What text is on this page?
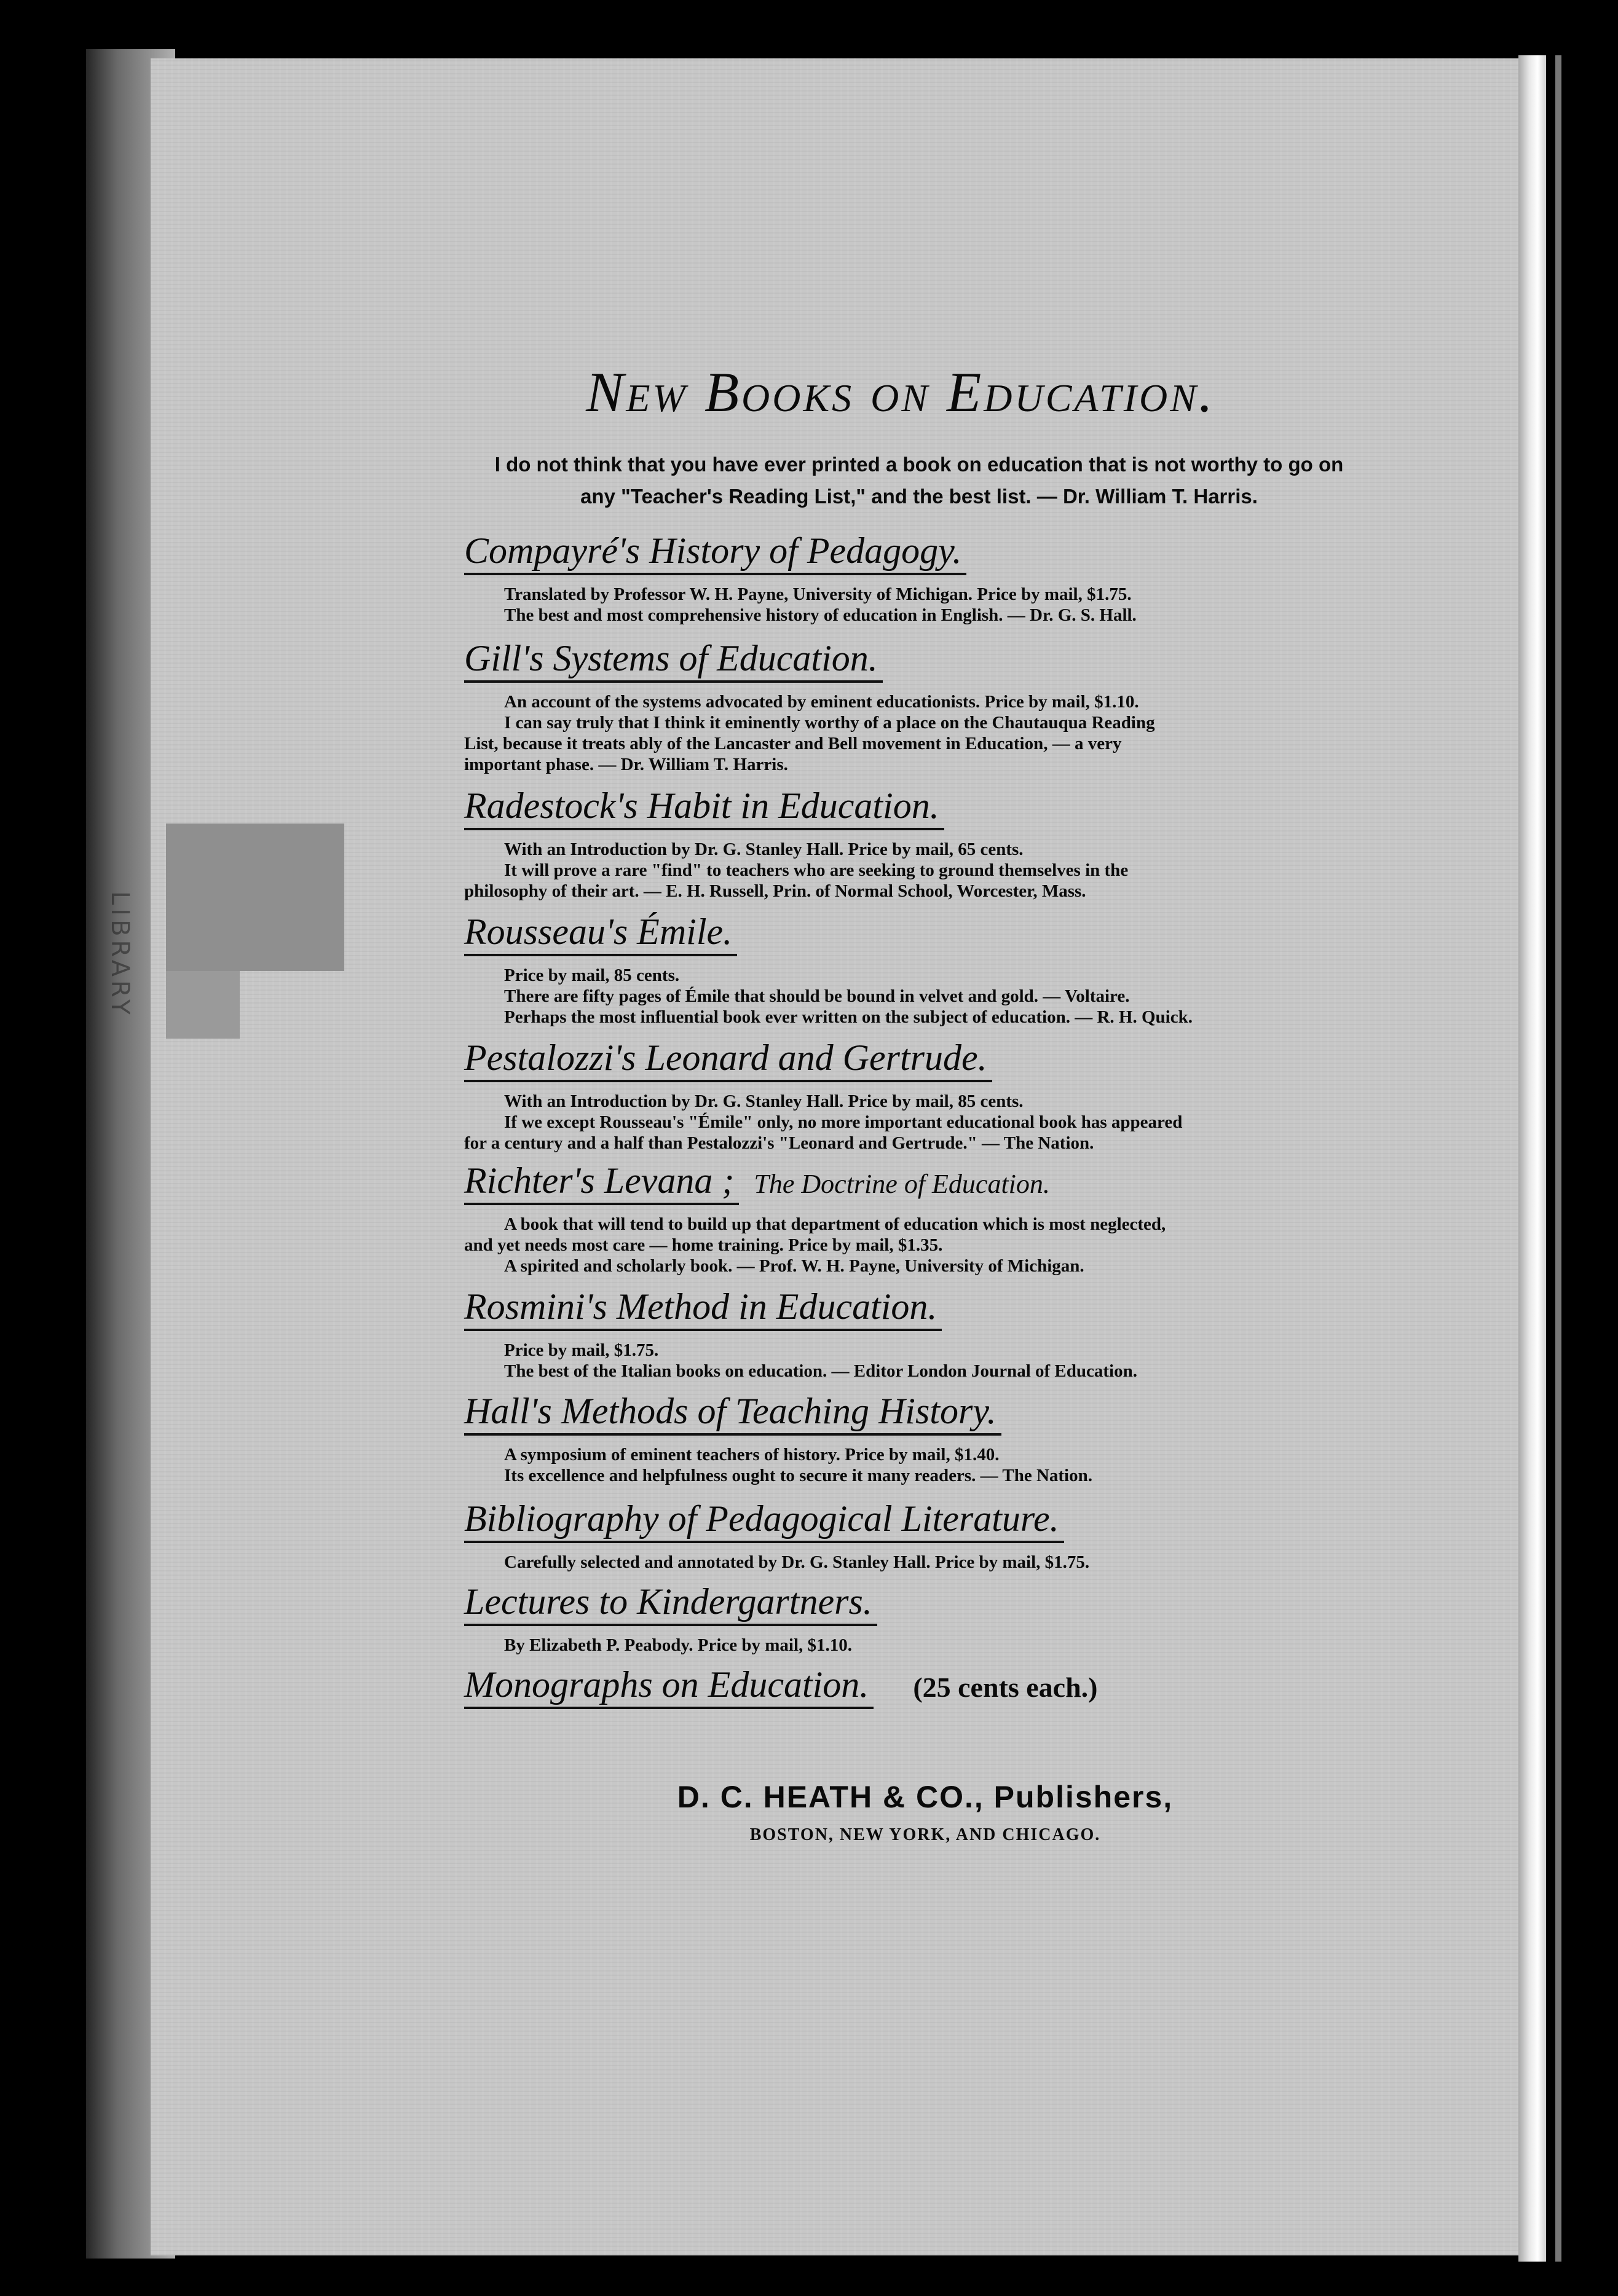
LIBRARY
New Books on Education.
I do not think that you have ever printed a book on education that is not worthy to go on
any "Teacher's Reading List," and the best list. — Dr. William T. Harris.
Compayré's History of Pedagogy.
Translated by Professor W. H. Payne, University of Michigan. Price by mail, $1.75.
The best and most comprehensive history of education in English. — Dr. G. S. Hall.
Gill's Systems of Education.
An account of the systems advocated by eminent educationists. Price by mail, $1.10.
I can say truly that I think it eminently worthy of a place on the Chautauqua Reading
List, because it treats ably of the Lancaster and Bell movement in Education, — a very
important phase. — Dr. William T. Harris.
Radestock's Habit in Education.
With an Introduction by Dr. G. Stanley Hall. Price by mail, 65 cents.
It will prove a rare "find" to teachers who are seeking to ground themselves in the
philosophy of their art. — E. H. Russell, Prin. of Normal School, Worcester, Mass.
Rousseau's Émile.
Price by mail, 85 cents.
There are fifty pages of Émile that should be bound in velvet and gold. — Voltaire.
Perhaps the most influential book ever written on the subject of education. — R. H. Quick.
Pestalozzi's Leonard and Gertrude.
With an Introduction by Dr. G. Stanley Hall. Price by mail, 85 cents.
If we except Rousseau's "Émile" only, no more important educational book has appeared
for a century and a half than Pestalozzi's "Leonard and Gertrude." — The Nation.
Richter's Levana ; The Doctrine of Education.
A book that will tend to build up that department of education which is most neglected,
and yet needs most care — home training. Price by mail, $1.35.
A spirited and scholarly book. — Prof. W. H. Payne, University of Michigan.
Rosmini's Method in Education.
Price by mail, $1.75.
The best of the Italian books on education. — Editor London Journal of Education.
Hall's Methods of Teaching History.
A symposium of eminent teachers of history. Price by mail, $1.40.
Its excellence and helpfulness ought to secure it many readers. — The Nation.
Bibliography of Pedagogical Literature.
Carefully selected and annotated by Dr. G. Stanley Hall. Price by mail, $1.75.
Lectures to Kindergartners.
By Elizabeth P. Peabody. Price by mail, $1.10.
Monographs on Education. (25 cents each.)
D. C. HEATH & CO., Publishers,
BOSTON, NEW YORK, AND CHICAGO.
